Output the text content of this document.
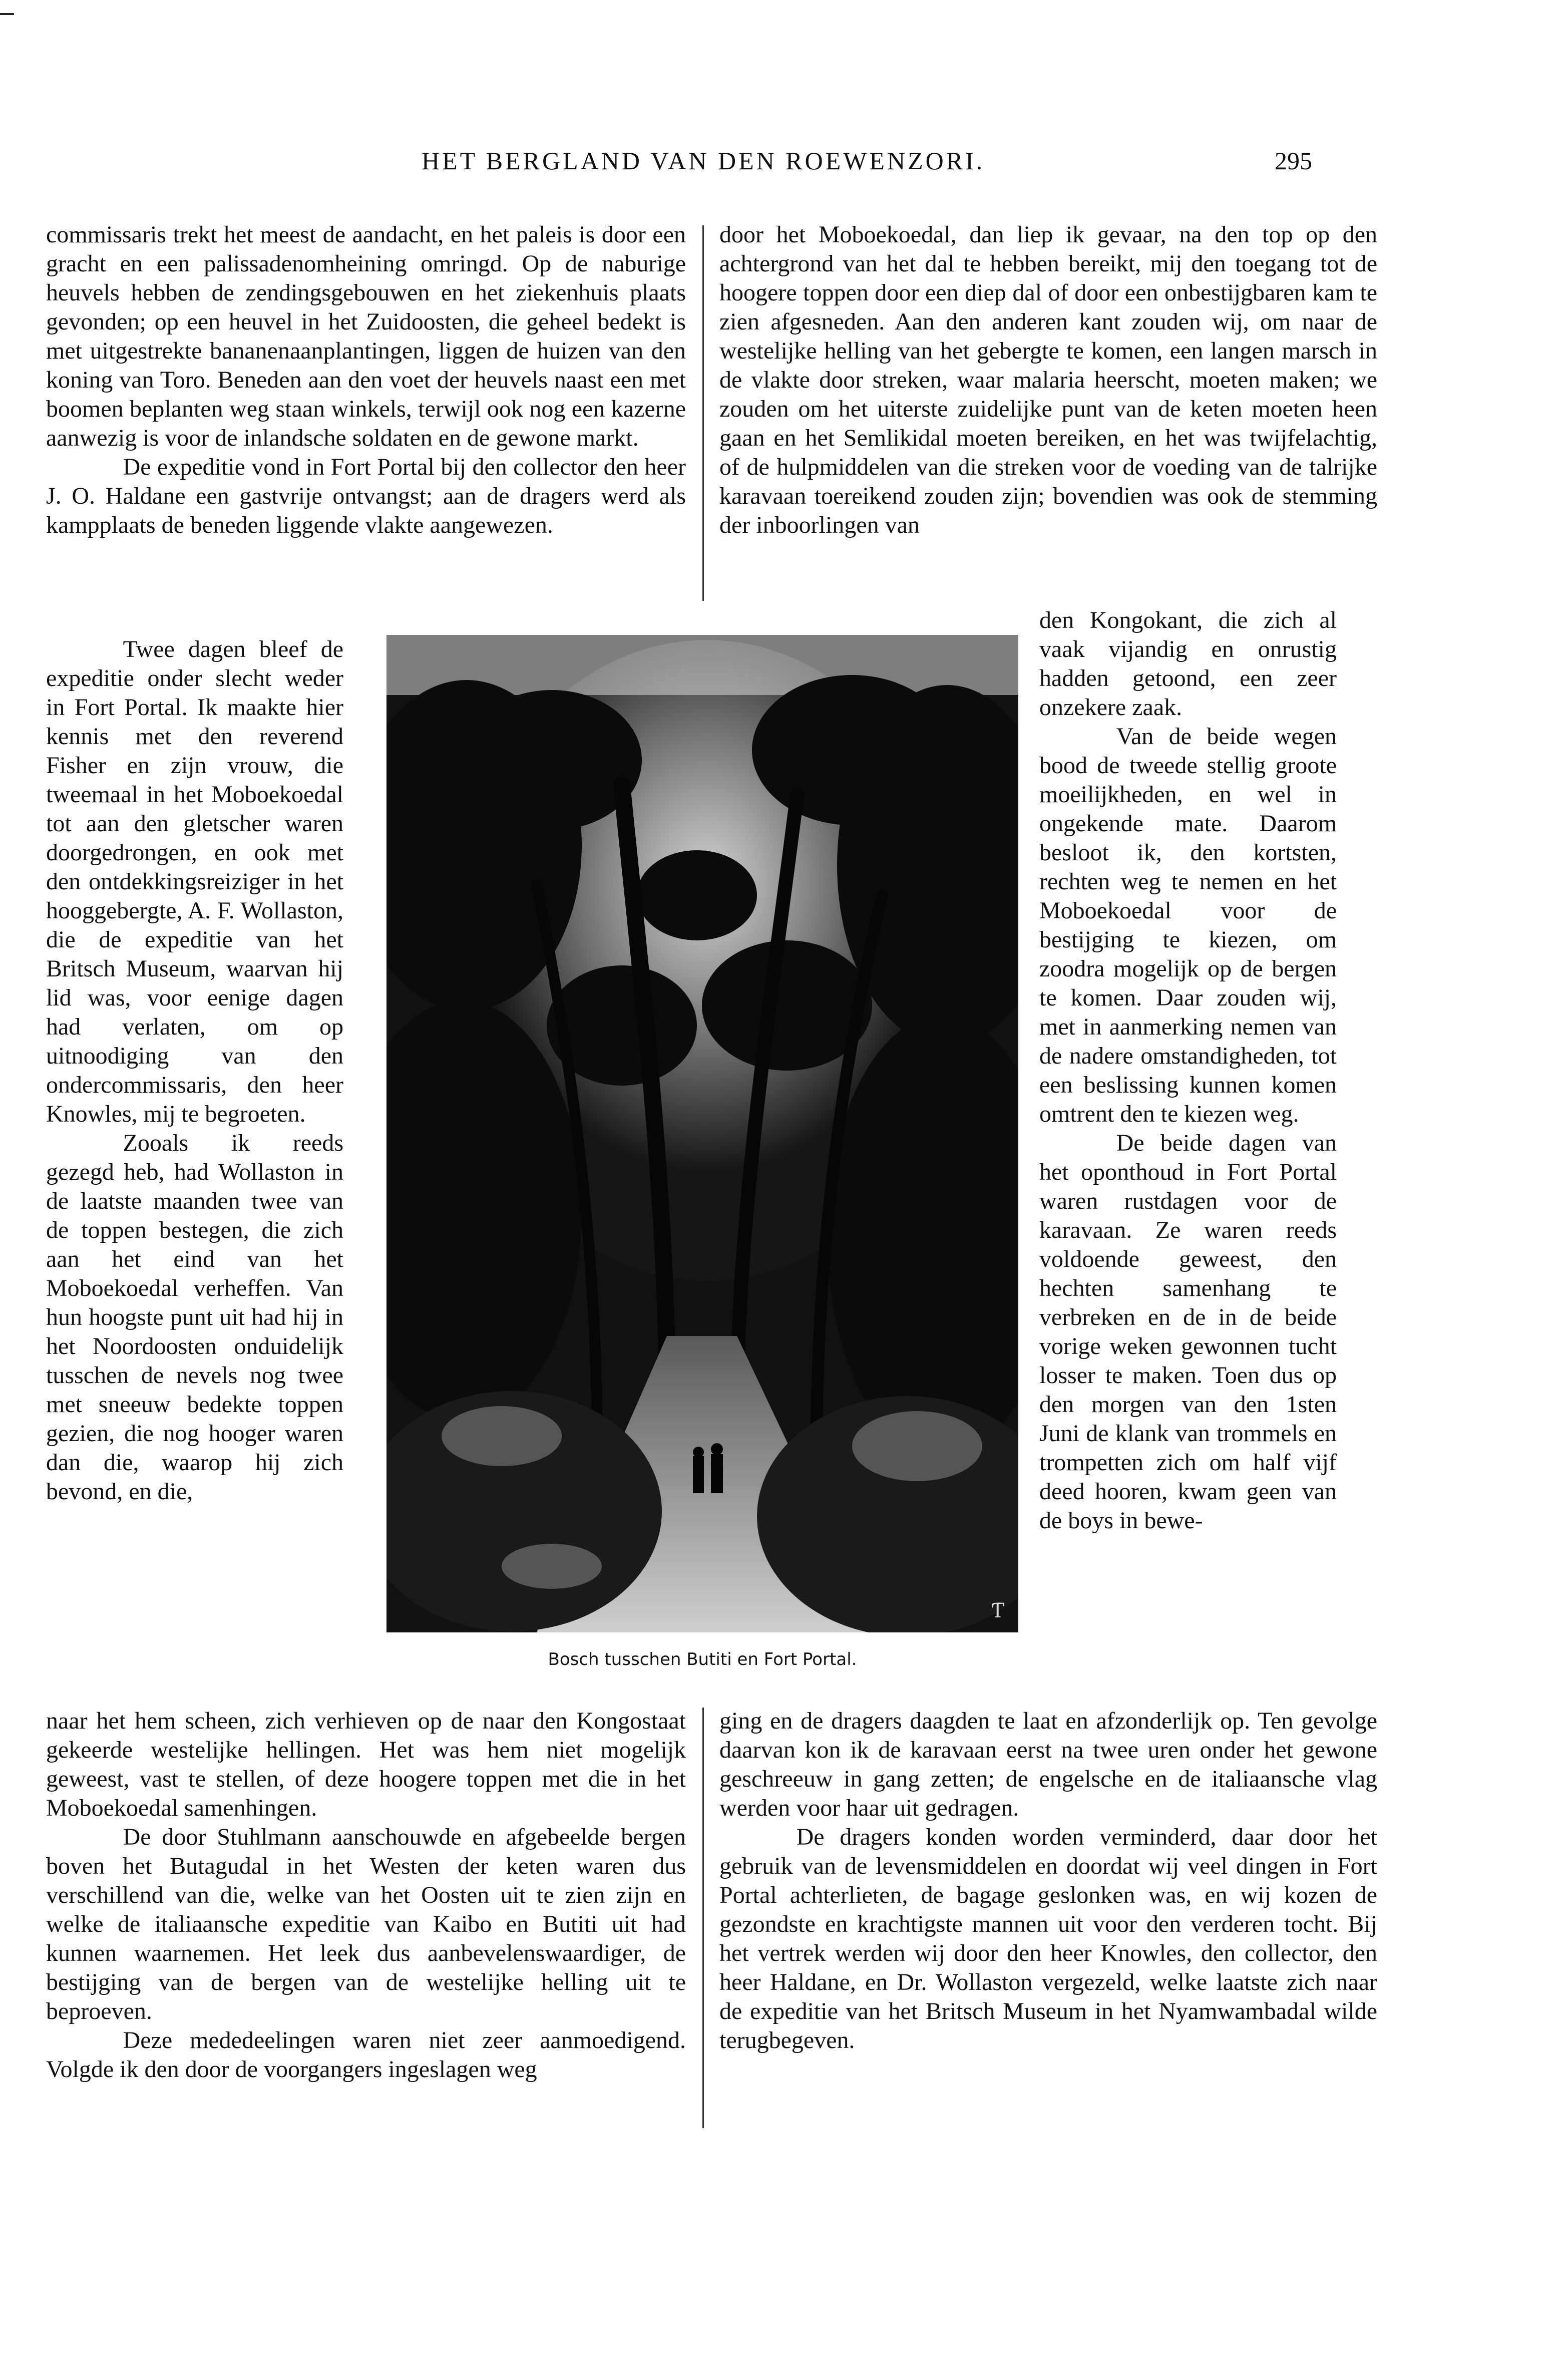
HET BERGLAND VAN DEN ROEWENZORI.	295

commissaris trekt het meest de aandacht, en het paleis is door een gracht en een palissadenomheining omringd. Op de naburige heuvels hebben de zendingsgebouwen en het ziekenhuis plaats gevonden; op een heuvel in het Zuidoosten, die geheel bedekt is met uitgestrekte bananenaanplantingen, liggen de huizen van den koning van Toro. Beneden aan den voet der heuvels naast een met boomen beplanten weg staan winkels, terwijl ook nog een kazerne aanwezig is voor de inlandsche soldaten en de gewone markt.

De expeditie vond in Fort Portal bij den collector den heer J. O. Haldane een gastvrije ontvangst; aan de dragers werd als kampplaats de beneden liggende vlakte aangewezen.

Twee dagen bleef de expeditie onder slecht weder in Fort Portal. Ik maakte hier kennis met den reverend Fisher en zijn vrouw, die tweemaal in het Moboekoedal tot aan den gletscher waren doorgedrongen, en ook met den ontdekkingsreiziger in het hooggebergte, A. F. Wollaston, die de expeditie van het Britsch Museum, waarvan hij lid was, voor eenige dagen had verlaten, om op uitnoodiging van den ondercommissaris, den heer Knowles, mij te begroeten.

Zooals ik reeds gezegd heb, had Wollaston in de laatste maanden twee van de toppen bestegen, die zich aan het eind van het Moboekoedal verheffen. Van hun hoogste punt uit had hij in het Noordoosten onduidelijk tusschen de nevels nog twee met sneeuw bedekte toppen gezien, die nog hooger waren dan die, waarop hij zich bevond, en die,

naar het hem scheen, zich verhieven op de naar den Kongostaat gekeerde westelijke hellingen. Het was hem niet mogelijk geweest, vast te stellen, of deze hoogere toppen met die in het Moboekoedal samenhingen.

De door Stuhlmann aanschouwde en afgebeelde bergen boven het Butagudal in het Westen der keten waren dus verschillend van die, welke van het Oosten uit te zien zijn en welke de italiaansche expeditie van Kaibo en Butiti uit had kunnen waarnemen. Het leek dus aanbevelenswaardiger, de bestijging van de bergen van de westelijke helling uit te beproeven.

Deze mededeelingen waren niet zeer aanmoedigend. Volgde ik den door de voorgangers ingeslagen weg

door het Moboekoedal, dan liep ik gevaar, na den top op den achtergrond van het dal te hebben bereikt, mij den toegang tot de hoogere toppen door een diep dal of door een onbestijgbaren kam te zien afgesneden. Aan den anderen kant zouden wij, om naar de westelijke helling van het gebergte te komen, een langen marsch in de vlakte door streken, waar malaria heerscht, moeten maken; we zouden om het uiterste zuidelijke punt van de keten moeten heen gaan en het Semlikidal moeten bereiken, en het was twijfelachtig, of de hulpmiddelen van die streken voor de voeding van de talrijke karavaan toereikend zouden zijn; bovendien was ook de stemming der inboorlingen van

den Kongokant, die zich al vaak vijandig en onrustig hadden getoond, een zeer onzekere zaak.

Van de beide wegen bood de tweede stellig groote moeilijkheden, en wel in ongekende mate. Daarom besloot ik, den kortsten, rechten weg te nemen en het Moboekoedal voor de bestijging te kiezen, om zoodra mogelijk op de bergen te komen. Daar zouden wij, met in aanmerking nemen van de nadere omstandigheden, tot een beslissing kunnen komen omtrent den te kiezen weg.

De beide dagen van het oponthoud in Fort Portal waren rustdagen voor de karavaan. Ze waren reeds voldoende geweest, den hechten samenhang te verbreken en de in de beide vorige weken gewonnen tucht losser te maken. Toen dus op den morgen van den 1sten Juni de klank van trommels en trompetten zich om half vijf deed hooren, kwam geen van de boys in bewe-

ging en de dragers daagden te laat en afzonderlijk op. Ten gevolge daarvan kon ik de karavaan eerst na twee uren onder het gewone geschreeuw in gang zetten; de engelsche en de italiaansche vlag werden voor haar uit gedragen.

De dragers konden worden verminderd, daar door het gebruik van de levensmiddelen en doordat wij veel dingen in Fort Portal achterlieten, de bagage geslonken was, en wij kozen de gezondste en krachtigste mannen uit voor den verderen tocht. Bij het vertrek werden wij door den heer Knowles, den collector, den heer Haldane, en Dr. Wollaston vergezeld, welke laatste zich naar de expeditie van het Britsch Museum in het Nyamwambadal wilde terugbegeven.

Ƭ
Bosch tusschen Butiti en Fort Portal.
